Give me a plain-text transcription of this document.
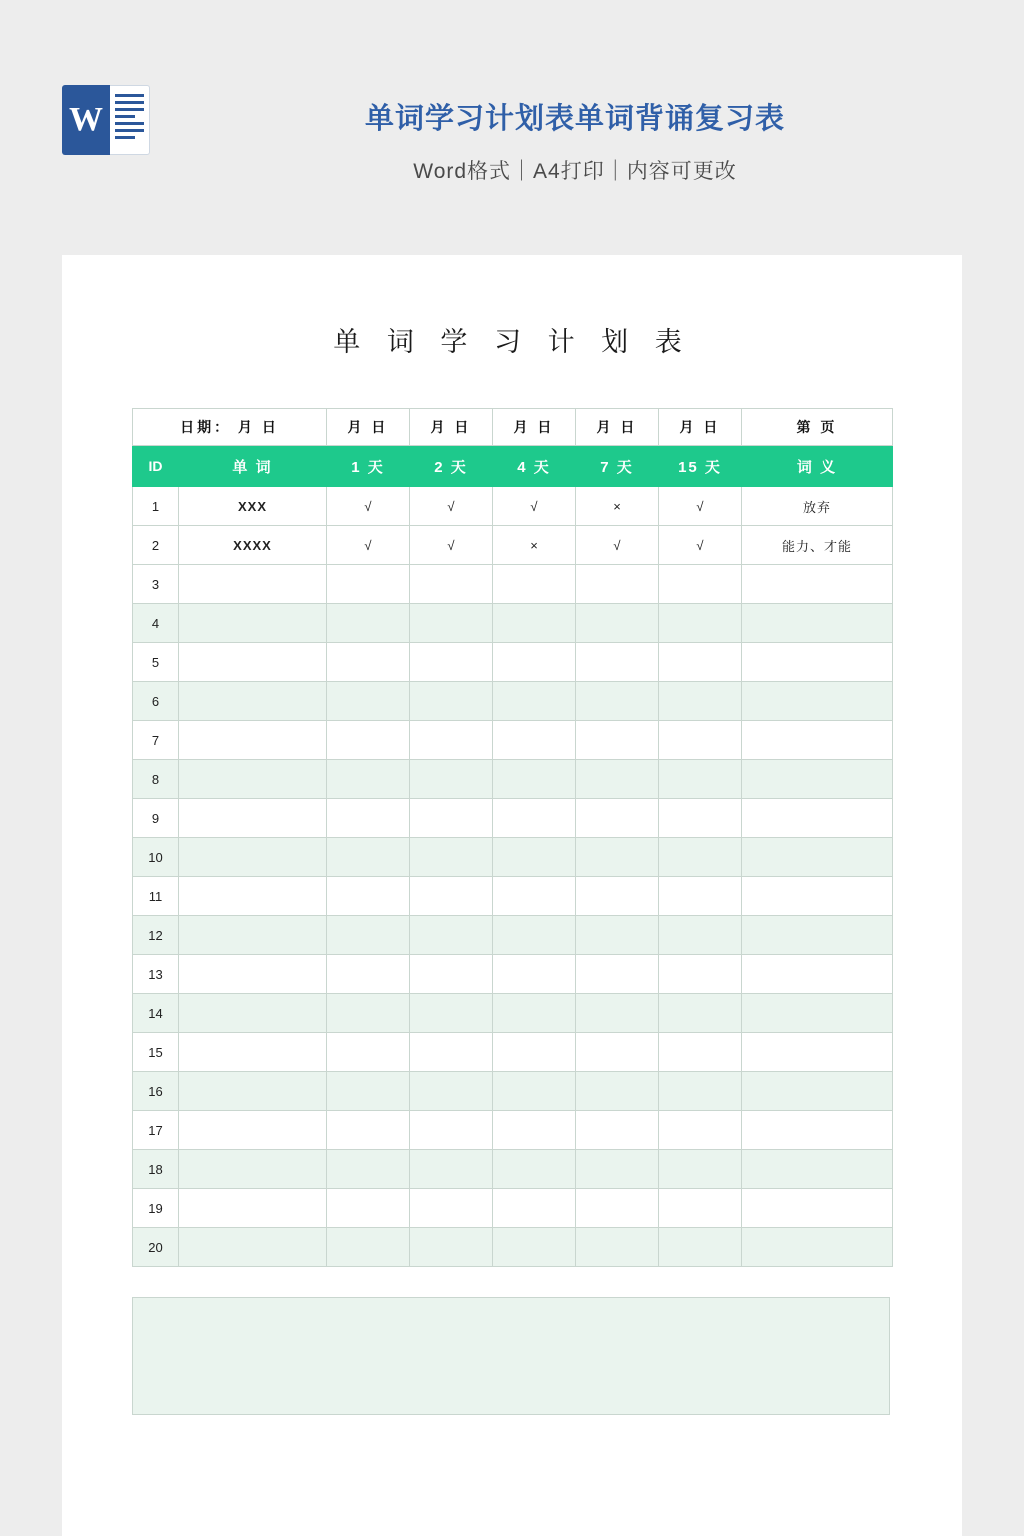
W	单词学习计划表单词背诵复习表
Word格式｜A4打印｜内容可更改
单 词 学 习 计 划 表
日期： 月 日		月 日	月 日	月 日	月 日	月 日	第 页
ID	单 词	1 天	2 天	4 天	7 天	15 天	词 义
1	XXX	√	√	√	×	√	放弃
2	XXXX	√	√	×	√	√	能力、才能
3							
4							
5							
6							
7							
8							
9							
10							
11							
12							
13							
14							
15							
16							
17							
18							
19							
20							
